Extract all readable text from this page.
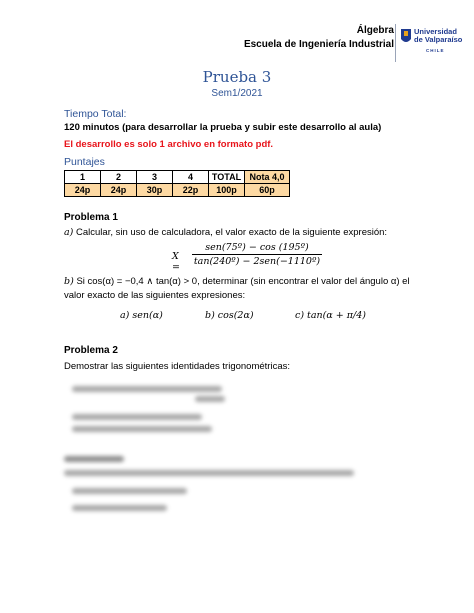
Álgebra
Escuela de Ingeniería Industrial
Universidad de Valparaíso
CHILE
Prueba 3
Sem1/2021
Tiempo Total:
120 minutos (para desarrollar la prueba y subir este desarrollo al aula)
El desarrollo es solo 1 archivo en formato pdf.
Puntajes
1	2	3	4	TOTAL	Nota 4,0
24p	24p	30p	22p	100p	60p
Problema 1
a) Calcular, sin uso de calculadora, el valor exacto de la siguiente expresión:
X =
sen(75º) − cos (195º)
tan(240º) − 2sen(−1110º)
b) Si cos(α) = −0,4 ∧ tan(α) > 0, determinar (sin encontrar el valor del ángulo α) el
valor exacto de las siguientes expresiones:
a) sen(α)	b) cos(2α)	c) tan(α + π/4)
Problema 2
Demostrar las siguientes identidades trigonométricas:
